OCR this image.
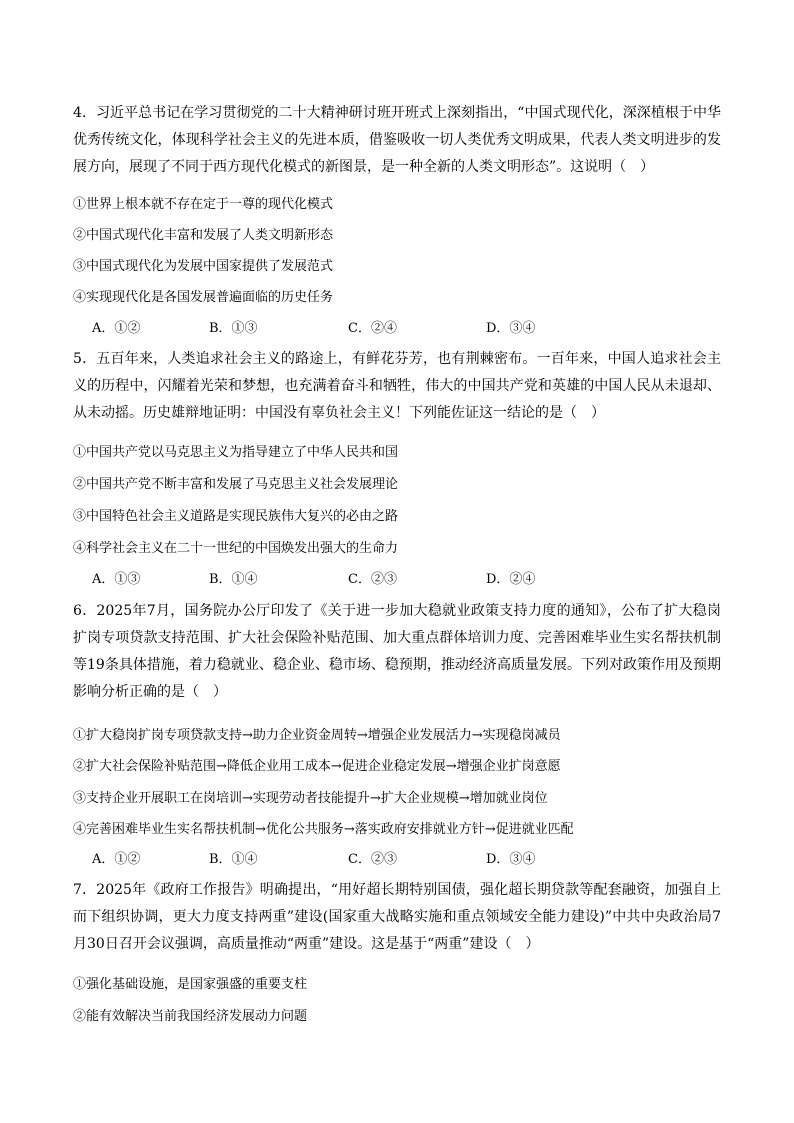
4．习近平总书记在学习贯彻党的二十大精神研讨班开班式上深刻指出，“中国式现代化，深深植根于中华优秀传统文化，体现科学社会主义的先进本质，借鉴吸收一切人类优秀文明成果，代表人类文明进步的发展方向，展现了不同于西方现代化模式的新图景，是一种全新的人类文明形态”。这说明（　）
①世界上根本就不存在定于一尊的现代化模式
②中国式现代化丰富和发展了人类文明新形态
③中国式现代化为发展中国家提供了发展范式
④实现现代化是各国发展普遍面临的历史任务
A．①②	B．①③	C．②④	D．③④
5．五百年来，人类追求社会主义的路途上，有鲜花芬芳，也有荆棘密布。一百年来，中国人追求社会主义的历程中，闪耀着光荣和梦想，也充满着奋斗和牺牲，伟大的中国共产党和英雄的中国人民从未退却、从未动摇。历史雄辩地证明：中国没有辜负社会主义！下列能佐证这一结论的是（　）
①中国共产党以马克思主义为指导建立了中华人民共和国
②中国共产党不断丰富和发展了马克思主义社会发展理论
③中国特色社会主义道路是实现民族伟大复兴的必由之路
④科学社会主义在二十一世纪的中国焕发出强大的生命力
A．①③	B．①④	C．②③	D．②④
6．2025年7月，国务院办公厅印发了《关于进一步加大稳就业政策支持力度的通知》，公布了扩大稳岗扩岗专项贷款支持范围、扩大社会保险补贴范围、加大重点群体培训力度、完善困难毕业生实名帮扶机制等19条具体措施，着力稳就业、稳企业、稳市场、稳预期，推动经济高质量发展。下列对政策作用及预期影响分析正确的是（　）
①扩大稳岗扩岗专项贷款支持→助力企业资金周转→增强企业发展活力→实现稳岗减员
②扩大社会保险补贴范围→降低企业用工成本→促进企业稳定发展→增强企业扩岗意愿
③支持企业开展职工在岗培训→实现劳动者技能提升→扩大企业规模→增加就业岗位
④完善困难毕业生实名帮扶机制→优化公共服务→落实政府安排就业方针→促进就业匹配
A．①②	B．①④	C．②③	D．③④
7．2025年《政府工作报告》明确提出，“用好超长期特别国债，强化超长期贷款等配套融资，加强自上而下组织协调，更大力度支持两重”建设(国家重大战略实施和重点领域安全能力建设)”中共中央政治局7月30日召开会议强调，高质量推动“两重”建设。这是基于“两重”建设（　）
①强化基础设施，是国家强盛的重要支柱
②能有效解决当前我国经济发展动力问题
